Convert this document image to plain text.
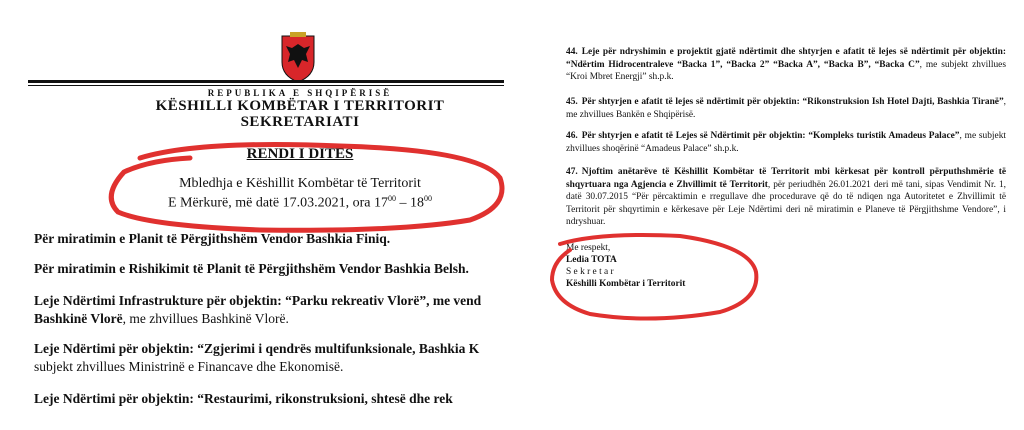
REPUBLIKA E SHQIPËRISË
KËSHILLI KOMBËTAR I TERRITORIT
SEKRETARIATI
RENDI I DITËS
Mbledhja e Këshillit Kombëtar të Territorit
E Mërkurë, më datë 17.03.2021, ora $17^{00} - 18^{00}$
Për miratimin e Planit të Përgjithshëm Vendor Bashkia Finiq.
Për miratimin e Rishikimit të Planit të Përgjithshëm Vendor Bashkia Belsh.
Leje Ndërtimi Infrastrukture për objektin: “Parku rekreativ Vlorë”, me vend
Bashkinë Vlorë, me zhvillues Bashkinë Vlorë.
Leje Ndërtimi për objektin: “Zgjerimi i qendrës multifunksionale, Bashkia K
subjekt zhvillues Ministrinë e Financave dhe Ekonomisë.
Leje Ndërtimi për objektin: “Restaurimi, rikonstruksioni, shtesë dhe rek
44. Leje për ndryshimin e projektit gjatë ndërtimit dhe shtyrjen e afatit të lejes së ndërtimit për objektin: “Ndërtim Hidrocentraleve “Backa 1”, “Backa 2” “Backa A”, “Backa B”, “Backa C”, me subjekt zhvillues “Kroi Mbret Energji” sh.p.k.
45. Për shtyrjen e afatit të lejes së ndërtimit për objektin: “Rikonstruksion Ish Hotel Dajti, Bashkia Tiranë”, me zhvillues Bankën e Shqipërisë.
46. Për shtyrjen e afatit të Lejes së Ndërtimit për objektin: “Kompleks turistik Amadeus Palace”, me subjekt zhvillues shoqërinë “Amadeus Palace” sh.p.k.
47. Njoftim anëtarëve të Këshillit Kombëtar të Territorit mbi kërkesat për kontroll përputhshmërie të shqyrtuara nga Agjencia e Zhvillimit të Territorit, për periudhën 26.01.2021 deri më tani, sipas Vendimit Nr. 1, datë 30.07.2015 “Për përcaktimin e rregullave dhe procedurave që do të ndiqen nga Autoritetet e Zhvillimit të Territorit për shqyrtimin e kërkesave për Leje Ndërtimi deri në miratimin e Planeve të Përgjithshme Vendore”, i ndryshuar.
Me respekt,
Ledia TOTA
S e k r e t a r
Këshilli Kombëtar i Territorit
